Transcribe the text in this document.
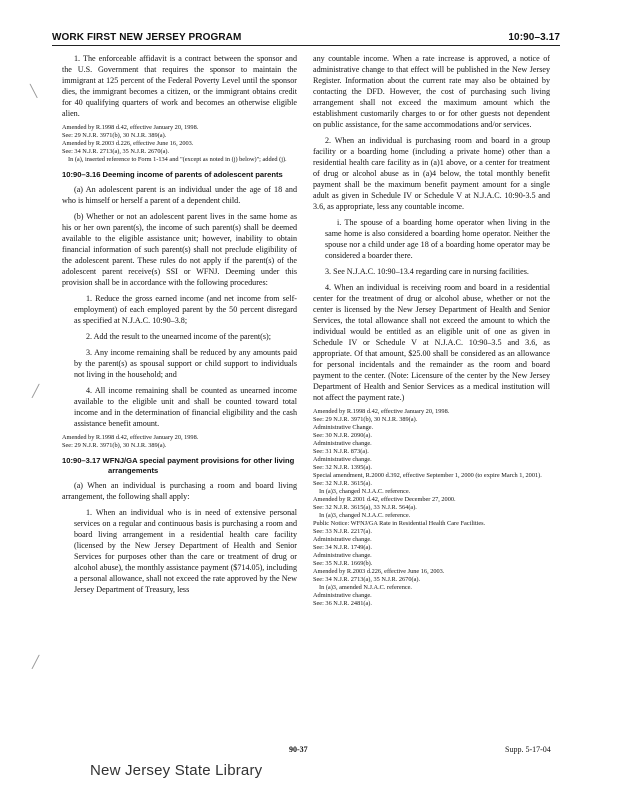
WORK FIRST NEW JERSEY PROGRAM	10:90–3.17

1. The enforceable affidavit is a contract between the sponsor and the U.S. Government that requires the sponsor to maintain the immigrant at 125 percent of the Federal Poverty Level until the sponsor dies, the immigrant becomes a citizen, or the immigrant obtains credit for 40 qualifying quarters of work and becomes an otherwise eligible alien.

Amended by R.1998 d.42, effective January 20, 1998.

See: 29 N.J.R. 3971(b), 30 N.J.R. 389(a).

Amended by R.2003 d.226, effective June 16, 2003.

See: 34 N.J.R. 2713(a), 35 N.J.R. 2670(a).

In (a), inserted reference to Form 1-134 and "(except as noted in (j) below)"; added (j).

10:90–3.16 Deeming income of parents of adolescent parents

(a) An adolescent parent is an individual under the age of 18 and who is himself or herself a parent of a dependent child.

(b) Whether or not an adolescent parent lives in the same home as his or her own parent(s), the income of such parent(s) shall be deemed available to the eligible assistance unit; however, inability to obtain financial information of such parent(s) shall not preclude eligibility of the adolescent parent. These rules do not apply if the parent(s) of the adolescent parent receive(s) SSI or WFNJ. Deeming under this provision shall be in accordance with the following procedures:

1. Reduce the gross earned income (and net income from self-employment) of each employed parent by the 50 percent disregard as specified at N.J.A.C. 10:90–3.8;

2. Add the result to the unearned income of the parent(s);

3. Any income remaining shall be reduced by any amounts paid by the parent(s) as spousal support or child support to individuals not living in the household; and

4. All income remaining shall be counted as unearned income available to the eligible unit and shall be counted toward total income and in the determination of financial eligibility and the cash assistance benefit amount.

Amended by R.1998 d.42, effective January 20, 1998.

See: 29 N.J.R. 3971(b), 30 N.J.R. 389(a).

10:90–3.17 WFNJ/GA special payment provisions for other living arrangements

(a) When an individual is purchasing a room and board living arrangement, the following shall apply:

1. When an individual who is in need of extensive personal services on a regular and continuous basis is purchasing a room and board living arrangement in a residential health care facility (licensed by the New Jersey Department of Health and Senior Services for purposes other than the care or treatment of drug or alcohol abuse), the monthly assistance payment ($714.05), including a personal allowance, shall not exceed the rate approved by the New Jersey Department of Treasury, less

any countable income. When a rate increase is approved, a notice of administrative change to that effect will be published in the New Jersey Register. Information about the current rate may also be obtained by contacting the DFD. However, the cost of purchasing such living arrangement shall not exceed the maximum amount which the establishment customarily charges to or for other guests not dependent on public assistance, for the same accommodations and/or services.

2. When an individual is purchasing room and board in a group facility or a boarding home (including a private home) other than a residential health care facility as in (a)1 above, or a center for treatment of drug or alcohol abuse as in (a)4 below, the total monthly benefit payment shall be the maximum benefit payment amount for a single adult as given in Schedule IV or Schedule V at N.J.A.C. 10:90-3.5 and 3.6, as appropriate, less any countable income.

i. The spouse of a boarding home operator when living in the same home is also considered a boarding home operator. Neither the spouse nor a child under age 18 of a boarding home operator may be considered a boarder there.

3. See N.J.A.C. 10:90–13.4 regarding care in nursing facilities.

4. When an individual is receiving room and board in a residential center for the treatment of drug or alcohol abuse, whether or not the center is licensed by the New Jersey Department of Health and Senior Services, the total allowance shall not exceed the amount to which the individual would be entitled as an eligible unit of one as given in Schedule IV or Schedule V at N.J.A.C. 10:90–3.5 and 3.6, as appropriate. Of that amount, $25.00 shall be considered as an allowance for personal incidentals and the remainder as the room and board payment to the center. (Note: Licensure of the center by the New Jersey Department of Health and Senior Services as a medical institution will not affect the payment rate.)

Amended by R.1998 d.42, effective January 20, 1998.

See: 29 N.J.R. 3971(b), 30 N.J.R. 389(a).

Administrative Change.

See: 30 N.J.R. 2090(a).

Administrative change.

See: 31 N.J.R. 873(a).

Administrative change.

See: 32 N.J.R. 1395(a).

Special amendment, R.2000 d.392, effective September 1, 2000 (to expire March 1, 2001).

See: 32 N.J.R. 3615(a).

In (a)3, changed N.J.A.C. reference.

Amended by R.2001 d.42, effective December 27, 2000.

See: 32 N.J.R. 3615(a), 33 N.J.R. 564(a).

In (a)3, changed N.J.A.C. reference.

Public Notice: WFNJ/GA Rate in Residential Health Care Facilities.

See: 33 N.J.R. 2217(a).

Administrative change.

See: 34 N.J.R. 1749(a).

Administrative change.

See: 35 N.J.R. 1669(b).

Amended by R.2003 d.226, effective June 16, 2003.

See: 34 N.J.R. 2713(a), 35 N.J.R. 2670(a).

In (a)3, amended N.J.A.C. reference.

Administrative change.

See: 36 N.J.R. 2481(a).

90-37	Supp. 5-17-04
New Jersey State Library
╲
╱
╱
